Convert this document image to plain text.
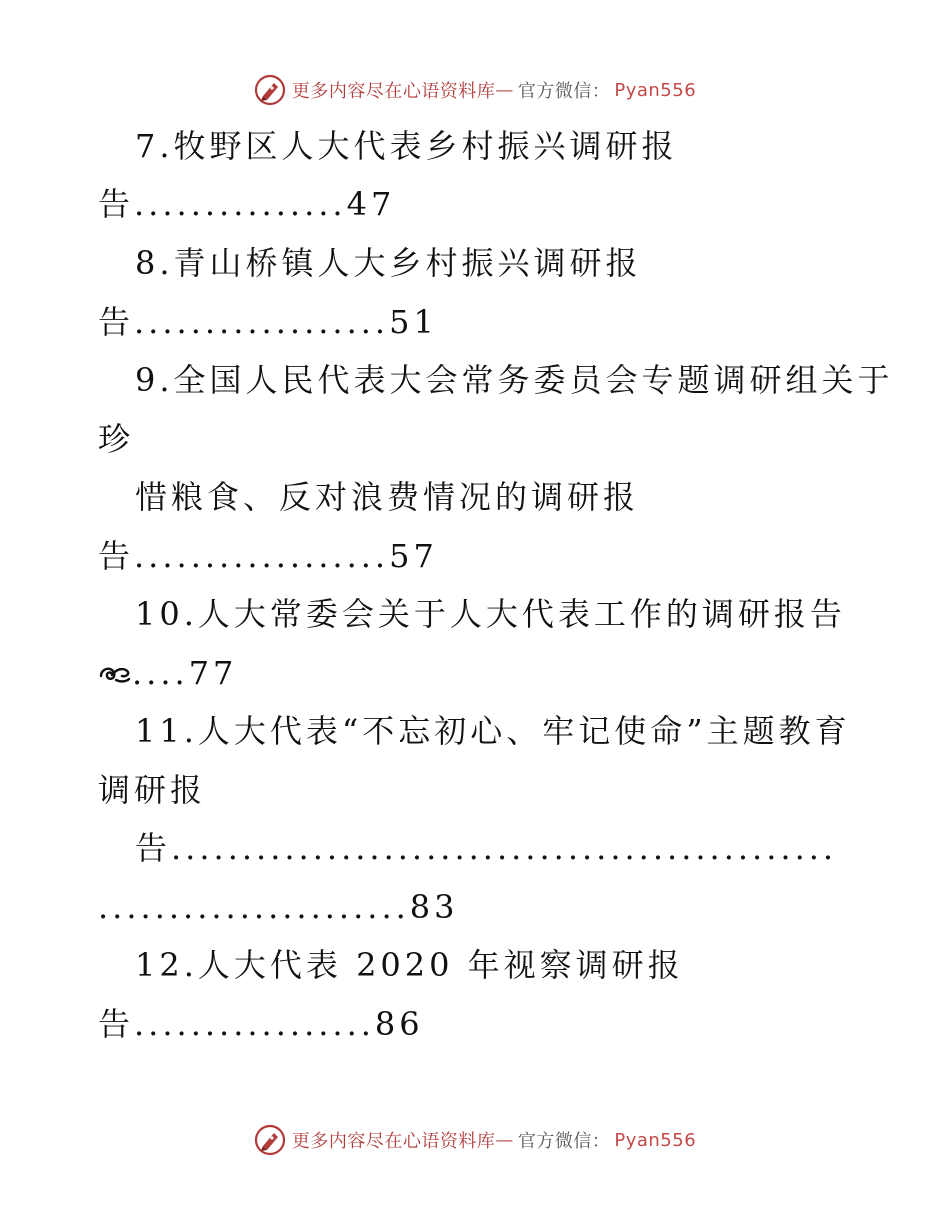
更多内容尽在心语资料库 — 官方微信： Pyan556
7.牧野区人大代表乡村振兴调研报
告...............47
8.青山桥镇人大乡村振兴调研报
告..................51
9.全国人民代表大会常务委员会专题调研组关于
珍
惜粮食、反对浪费情况的调研报
告..................57
10.人大常委会关于人大代表工作的调研报告
....77
11.人大代表“不忘初心、牢记使命”主题教育
调研报
告...............................................
......................83
12.人大代表 2020 年视察调研报
告.................86
更多内容尽在心语资料库 — 官方微信： Pyan556
